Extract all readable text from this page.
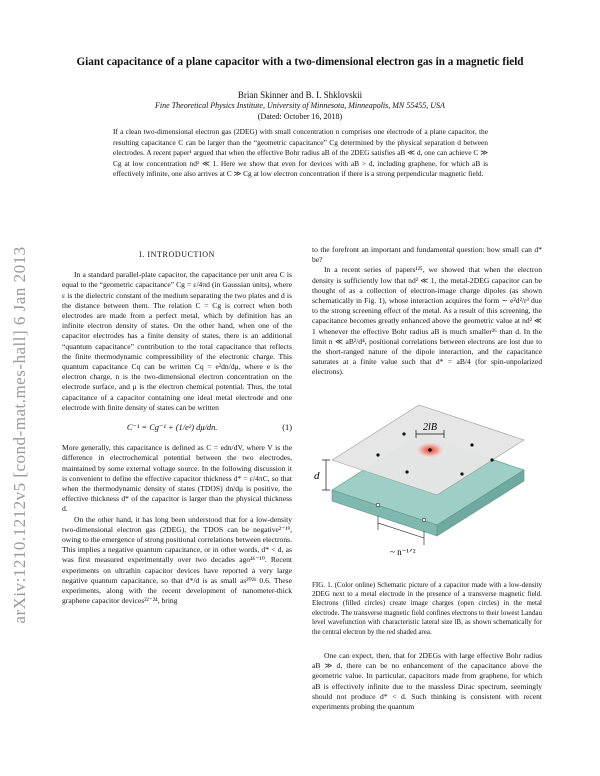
arXiv:1210.1212v5 [cond-mat.mes-hall] 6 Jan 2013
Giant capacitance of a plane capacitor with a two-dimensional electron gas in a magnetic field
Brian Skinner and B. I. Shklovskii
Fine Theoretical Physics Institute, University of Minnesota, Minneapolis, MN 55455, USA
(Dated: October 16, 2018)
If a clean two-dimensional electron gas (2DEG) with small concentration n comprises one electrode of a plane capacitor, the resulting capacitance C can be larger than the “geometric capacitance” Cg determined by the physical separation d between electrodes. A recent paper¹ argued that when the effective Bohr radius aB of the 2DEG satisfies aB ≪ d, one can achieve C ≫ Cg at low concentration nd² ≪ 1. Here we show that even for devices with aB > d, including graphene, for which aB is effectively infinite, one also arrives at C ≫ Cg at low electron concentration if there is a strong perpendicular magnetic field.

I. INTRODUCTION

In a standard parallel-plate capacitor, the capacitance per unit area C is equal to the “geometric capacitance” Cg = ε/4πd (in Gaussian units), where ε is the dielectric constant of the medium separating the two plates and d is the distance between them. The relation C = Cg is correct when both electrodes are made from a perfect metal, which by definition has an infinite electron density of states. On the other hand, when one of the capacitor electrodes has a finite density of states, there is an additional “quantum capacitance” contribution to the total capacitance that reflects the finite thermodynamic compressibility of the electronic charge. This quantum capacitance Cq can be written Cq = e²dn/dμ, where e is the electron charge, n is the two-dimensional electron concentration on the electrode surface, and μ is the electron chemical potential. Thus, the total capacitance of a capacitor containing one ideal metal electrode and one electrode with finite density of states can be written

C⁻¹ = Cg⁻¹ + (1/e²) dμ/dn.	(1)

More generally, this capacitance is defined as C = edn/dV, where V is the difference in electrochemical potential between the two electrodes, maintained by some external voltage source. In the following discussion it is convenient to define the effective capacitor thickness d* = ε/4πC, so that when the thermodynamic density of states (TDOS) dn/dμ is positive, the effective thickness d* of the capacitor is larger than the physical thickness d.

On the other hand, it has long been understood that for a low-density two-dimensional electron gas (2DEG), the TDOS can be negative²⁻¹⁹, owing to the emergence of strong positional correlations between electrons. This implies a negative quantum capacitance, or in other words, d* < d, as was first measured experimentally over two decades ago⁴⁶⁻¹⁰. Recent experiments on ultrathin capacitor devices have reported a very large negative quantum capacitance, so that d*/d is as small as²⁰²¹ 0.6. These experiments, along with the recent development of nanometer-thick graphene capacitor devices²²⁻²⁴, bring

to the forefront an important and fundamental question: how small can d* be?

In a recent series of papers¹²⁵, we showed that when the electron density is sufficiently low that nd² ≪ 1, the metal-2DEG capacitor can be thought of as a collection of electron-image charge dipoles (as shown schematically in Fig. 1), whose interaction acquires the form ∼ e²d²/r³ due to the strong screening effect of the metal. As a result of this screening, the capacitance becomes greatly enhanced above the geometric value at nd² ≪ 1 whenever the effective Bohr radius aB is much smaller²⁶ than d. In the limit n ≪ aB²/d⁴, positional correlations between electrons are lost due to the short-ranged nature of the dipole interaction, and the capacitance saturates at a finite value such that d* = aB/4 (for spin-unpolarized electrons).

2lB
d
~ n⁻¹ᐟ²

FIG. 1. (Color online) Schematic picture of a capacitor made with a low-density 2DEG next to a metal electrode in the presence of a transverse magnetic field. Electrons (filled circles) create image charges (open circles) in the metal electrode. The transverse magnetic field confines electrons to their lowest Landau level wavefunction with characteristic lateral size lB, as shown schematically for the central electron by the red shaded area.

One can expect, then, that for 2DEGs with large effective Bohr radius aB ≫ d, there can be no enhancement of the capacitance above the geometric value. In particular, capacitors made from graphene, for which aB is effectively infinite due to the massless Dirac spectrum, seemingly should not produce d* < d. Such thinking is consistent with recent experiments probing the quantum
